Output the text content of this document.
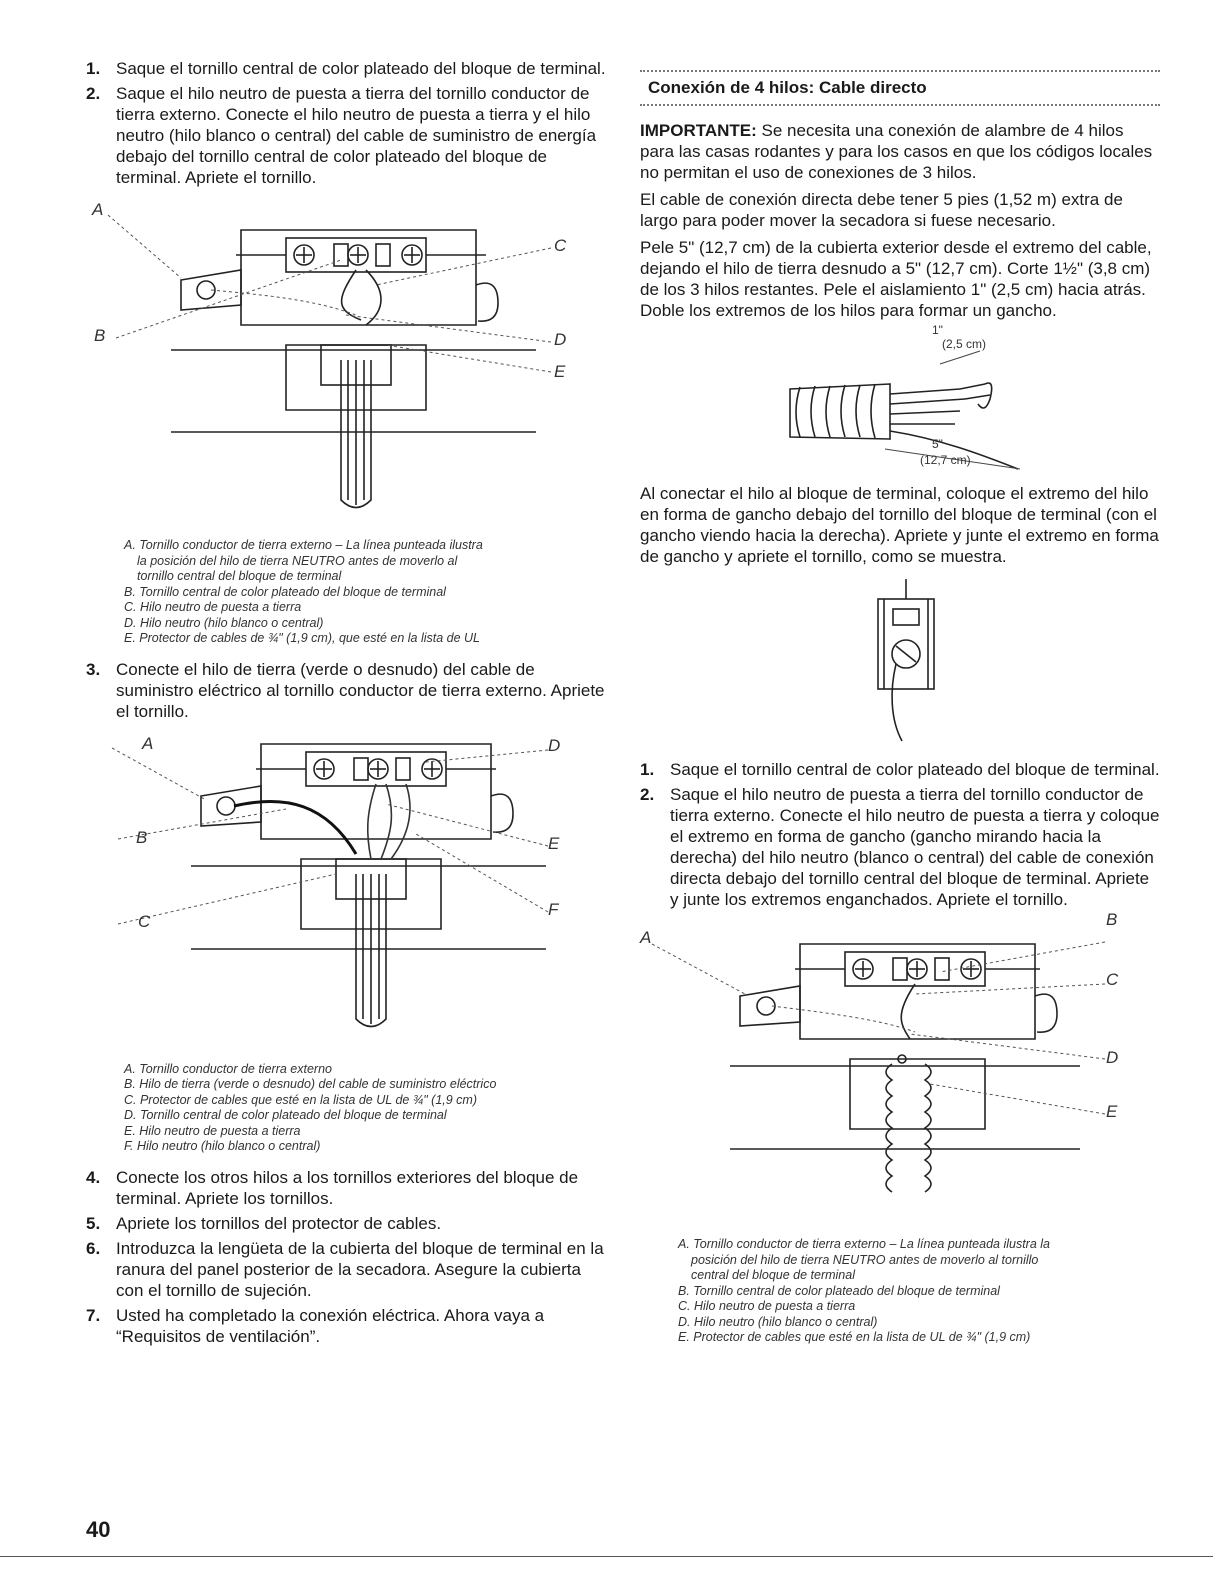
1. Saque el tornillo central de color plateado del bloque de terminal.
2. Saque el hilo neutro de puesta a tierra del tornillo conductor de tierra externo. Conecte el hilo neutro de puesta a tierra y el hilo neutro (hilo blanco o central) del cable de suministro de energía debajo del tornillo central de color plateado del bloque de terminal. Apriete el tornillo.
A
B
C
D
E
A. Tornillo conductor de tierra externo – La línea punteada ilustra
la posición del hilo de tierra NEUTRO antes de moverlo al
tornillo central del bloque de terminal
B. Tornillo central de color plateado del bloque de terminal
C. Hilo neutro de puesta a tierra
D. Hilo neutro (hilo blanco o central)
E. Protector de cables de ¾" (1,9 cm), que esté en la lista de UL
3. Conecte el hilo de tierra (verde o desnudo) del cable de suministro eléctrico al tornillo conductor de tierra externo. Apriete el tornillo.
A
B
C
D
E
F
A. Tornillo conductor de tierra externo
B. Hilo de tierra (verde o desnudo) del cable de suministro eléctrico
C. Protector de cables que esté en la lista de UL de ¾" (1,9 cm)
D. Tornillo central de color plateado del bloque de terminal
E. Hilo neutro de puesta a tierra
F. Hilo neutro (hilo blanco o central)
4. Conecte los otros hilos a los tornillos exteriores del bloque de terminal. Apriete los tornillos.
5. Apriete los tornillos del protector de cables.
6. Introduzca la lengüeta de la cubierta del bloque de terminal en la ranura del panel posterior de la secadora. Asegure la cubierta con el tornillo de sujeción.
7. Usted ha completado la conexión eléctrica. Ahora vaya a “Requisitos de ventilación”.
Conexión de 4 hilos: Cable directo

IMPORTANTE: Se necesita una conexión de alambre de 4 hilos para las casas rodantes y para los casos en que los códigos locales no permitan el uso de conexiones de 3 hilos.

El cable de conexión directa debe tener 5 pies (1,52 m) extra de largo para poder mover la secadora si fuese necesario.

Pele 5" (12,7 cm) de la cubierta exterior desde el extremo del cable, dejando el hilo de tierra desnudo a 5" (12,7 cm). Corte 1½" (3,8 cm) de los 3 hilos restantes. Pele el aislamiento 1" (2,5 cm) hacia atrás. Doble los extremos de los hilos para formar un gancho.

1"
(2,5 cm)
5"
(12,7 cm)

Al conectar el hilo al bloque de terminal, coloque el extremo del hilo en forma de gancho debajo del tornillo del bloque de terminal (con el gancho viendo hacia la derecha). Apriete y junte el extremo en forma de gancho y apriete el tornillo, como se muestra.

1. Saque el tornillo central de color plateado del bloque de terminal.
2. Saque el hilo neutro de puesta a tierra del tornillo conductor de tierra externo. Conecte el hilo neutro de puesta a tierra y coloque el extremo en forma de gancho (gancho mirando hacia la derecha) del hilo neutro (blanco o central) del cable de conexión directa debajo del tornillo central del bloque de terminal. Apriete y junte los extremos enganchados. Apriete el tornillo.
A
B
C
D
E
A. Tornillo conductor de tierra externo – La línea punteada ilustra la
posición del hilo de tierra NEUTRO antes de moverlo al tornillo
central del bloque de terminal
B. Tornillo central de color plateado del bloque de terminal
C. Hilo neutro de puesta a tierra
D. Hilo neutro (hilo blanco o central)
E. Protector de cables que esté en la lista de UL de ¾" (1,9 cm)
40
